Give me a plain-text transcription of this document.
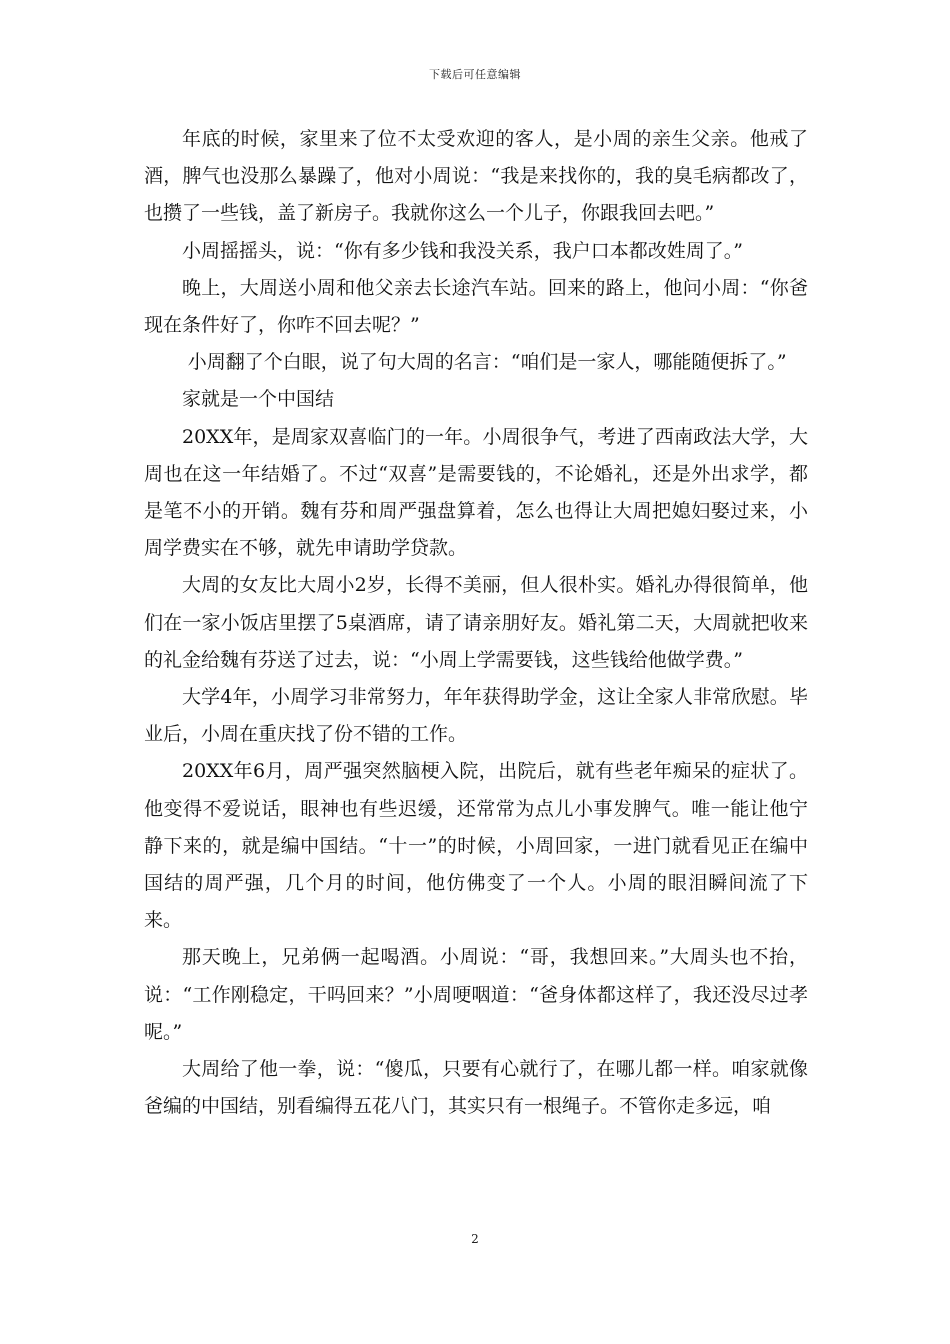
下载后可任意编辑

年底的时候，家里来了位不太受欢迎的客人，是小周的亲生父亲。他戒了酒，脾气也没那么暴躁了，他对小周说：“我是来找你的，我的臭毛病都改了，也攒了一些钱，盖了新房子。我就你这么一个儿子，你跟我回去吧。”

小周摇摇头，说：“你有多少钱和我没关系，我户口本都改姓周了。”

晚上，大周送小周和他父亲去长途汽车站。回来的路上，他问小周：“你爸现在条件好了，你咋不回去呢？”

小周翻了个白眼，说了句大周的名言：“咱们是一家人，哪能随便拆了。”

家就是一个中国结

20XX年，是周家双喜临门的一年。小周很争气，考进了西南政法大学，大周也在这一年结婚了。不过“双喜”是需要钱的，不论婚礼，还是外出求学，都是笔不小的开销。魏有芬和周严强盘算着，怎么也得让大周把媳妇娶过来，小周学费实在不够，就先申请助学贷款。

大周的女友比大周小2岁，长得不美丽，但人很朴实。婚礼办得很简单，他们在一家小饭店里摆了5桌酒席，请了请亲朋好友。婚礼第二天，大周就把收来的礼金给魏有芬送了过去，说：“小周上学需要钱，这些钱给他做学费。”

大学4年，小周学习非常努力，年年获得助学金，这让全家人非常欣慰。毕业后，小周在重庆找了份不错的工作。

20XX年6月，周严强突然脑梗入院，出院后，就有些老年痴呆的症状了。他变得不爱说话，眼神也有些迟缓，还常常为点儿小事发脾气。唯一能让他宁静下来的，就是编中国结。“十一”的时候，小周回家，一进门就看见正在编中国结的周严强，几个月的时间，他仿佛变了一个人。小周的眼泪瞬间流了下来。

那天晚上，兄弟俩一起喝酒。小周说：“哥，我想回来。”大周头也不抬，说：“工作刚稳定，干吗回来？”小周哽咽道：“爸身体都这样了，我还没尽过孝呢。”

大周给了他一拳，说：“傻瓜，只要有心就行了，在哪儿都一样。咱家就像爸编的中国结，别看编得五花八门，其实只有一根绳子。不管你走多远，咱

2
